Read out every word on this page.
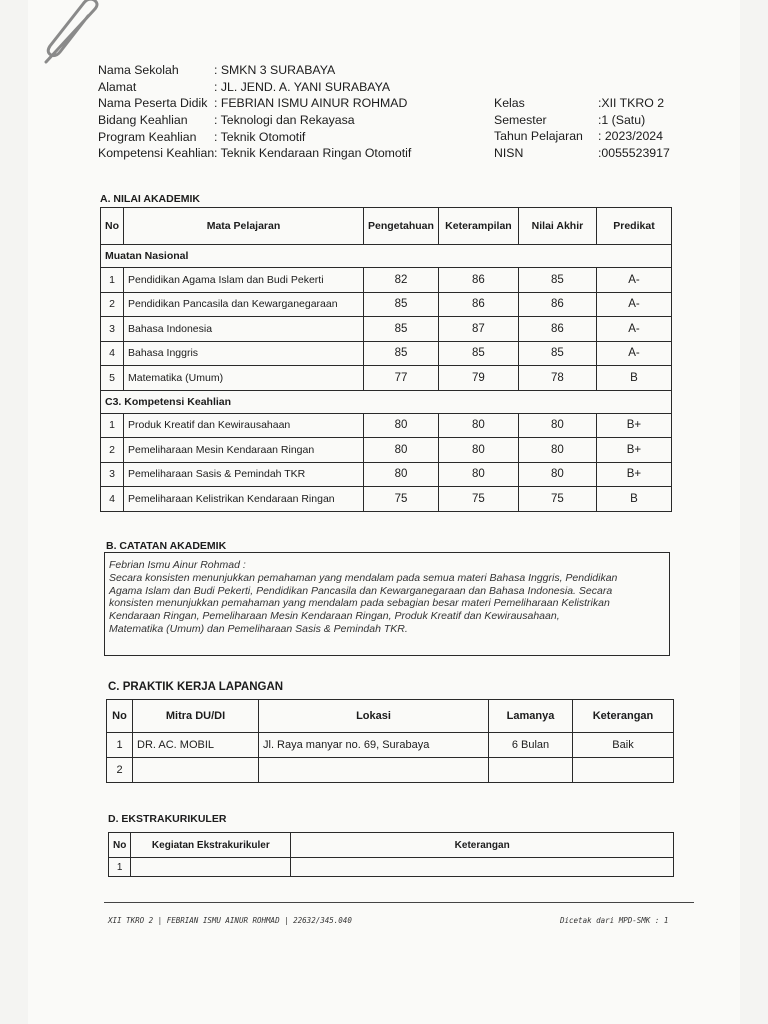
Nama Sekolah	: SMKN 3 SURABAYA
Alamat	: JL. JEND. A. YANI SURABAYA
Nama Peserta Didik : FEBRIAN ISMU AINUR ROHMAD
Bidang Keahlian	: Teknologi dan Rekayasa
Program Keahlian	: Teknik Otomotif
Kompetensi Keahlian : Teknik Kendaraan Ringan Otomotif
Kelas	:XII TKRO 2
Semester	:1 (Satu)
Tahun Pelajaran	: 2023/2024
NISN	:0055523917
A. NILAI AKADEMIK
No	Mata Pelajaran	Pengetahuan	Keterampilan	Nilai Akhir	Predikat
Muatan Nasional					
1	Pendidikan Agama Islam dan Budi Pekerti	82	86	85	A-
2	Pendidikan Pancasila dan Kewarganegaraan	85	86	86	A-
3	Bahasa Indonesia	85	87	86	A-
4	Bahasa Inggris	85	85	85	A-
5	Matematika (Umum)	77	79	78	B
C3. Kompetensi Keahlian					
1	Produk Kreatif dan Kewirausahaan	80	80	80	B+
2	Pemeliharaan Mesin Kendaraan Ringan	80	80	80	B+
3	Pemeliharaan Sasis & Pemindah TKR	80	80	80	B+
4	Pemeliharaan Kelistrikan Kendaraan Ringan	75	75	75	B
B. CATATAN AKADEMIK
Febrian Ismu Ainur Rohmad :
Secara konsisten menunjukkan pemahaman yang mendalam pada semua materi Bahasa Inggris, Pendidikan
Agama Islam dan Budi Pekerti, Pendidikan Pancasila dan Kewarganegaraan dan Bahasa Indonesia. Secara
konsisten menunjukkan pemahaman yang mendalam pada sebagian besar materi Pemeliharaan Kelistrikan
Kendaraan Ringan, Pemeliharaan Mesin Kendaraan Ringan, Produk Kreatif dan Kewirausahaan,
Matematika (Umum) dan Pemeliharaan Sasis & Pemindah TKR.
C. PRAKTIK KERJA LAPANGAN
No	Mitra DU/DI	Lokasi	Lamanya	Keterangan
1	DR. AC. MOBIL	Jl. Raya manyar no. 69, Surabaya	6 Bulan	Baik
2				
D. EKSTRAKURIKULER
No	Kegiatan Ekstrakurikuler	Keterangan
1		
XII TKRO 2 | FEBRIAN ISMU AINUR ROHMAD | 22632/345.040	Dicetak dari MPD-SMK : 1
